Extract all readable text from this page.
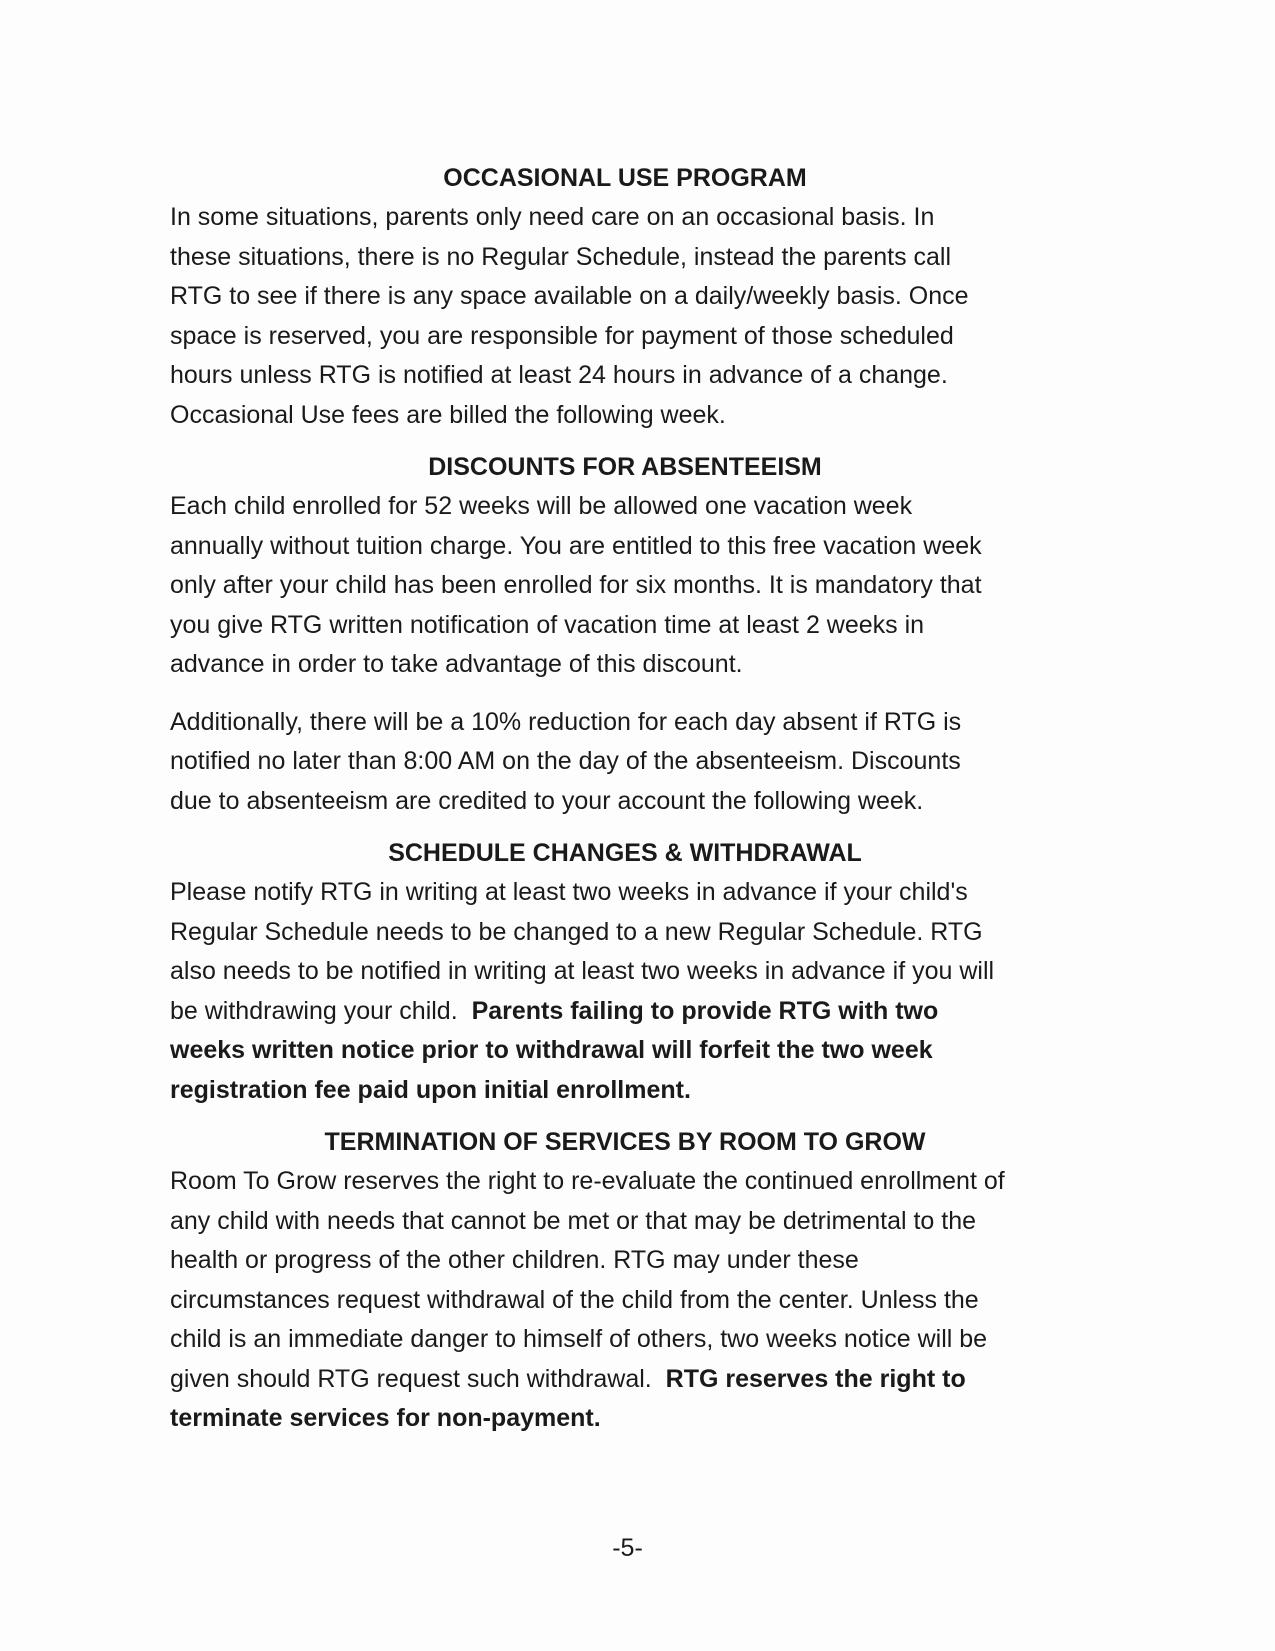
OCCASIONAL USE PROGRAM

In some situations, parents only need care on an occasional basis. In
these situations, there is no Regular Schedule, instead the parents call
RTG to see if there is any space available on a daily/weekly basis. Once
space is reserved, you are responsible for payment of those scheduled
hours unless RTG is notified at least 24 hours in advance of a change.
Occasional Use fees are billed the following week.

DISCOUNTS FOR ABSENTEEISM

Each child enrolled for 52 weeks will be allowed one vacation week
annually without tuition charge. You are entitled to this free vacation week
only after your child has been enrolled for six months. It is mandatory that
you give RTG written notification of vacation time at least 2 weeks in
advance in order to take advantage of this discount.

Additionally, there will be a 10% reduction for each day absent if RTG is
notified no later than 8:00 AM on the day of the absenteeism. Discounts
due to absenteeism are credited to your account the following week.

SCHEDULE CHANGES & WITHDRAWAL

Please notify RTG in writing at least two weeks in advance if your child's
Regular Schedule needs to be changed to a new Regular Schedule. RTG
also needs to be notified in writing at least two weeks in advance if you will
be withdrawing your child. Parents failing to provide RTG with two
weeks written notice prior to withdrawal will forfeit the two week
registration fee paid upon initial enrollment.

TERMINATION OF SERVICES BY ROOM TO GROW

Room To Grow reserves the right to re-evaluate the continued enrollment of
any child with needs that cannot be met or that may be detrimental to the
health or progress of the other children. RTG may under these
circumstances request withdrawal of the child from the center. Unless the
child is an immediate danger to himself of others, two weeks notice will be
given should RTG request such withdrawal. RTG reserves the right to
terminate services for non-payment.

-5-
